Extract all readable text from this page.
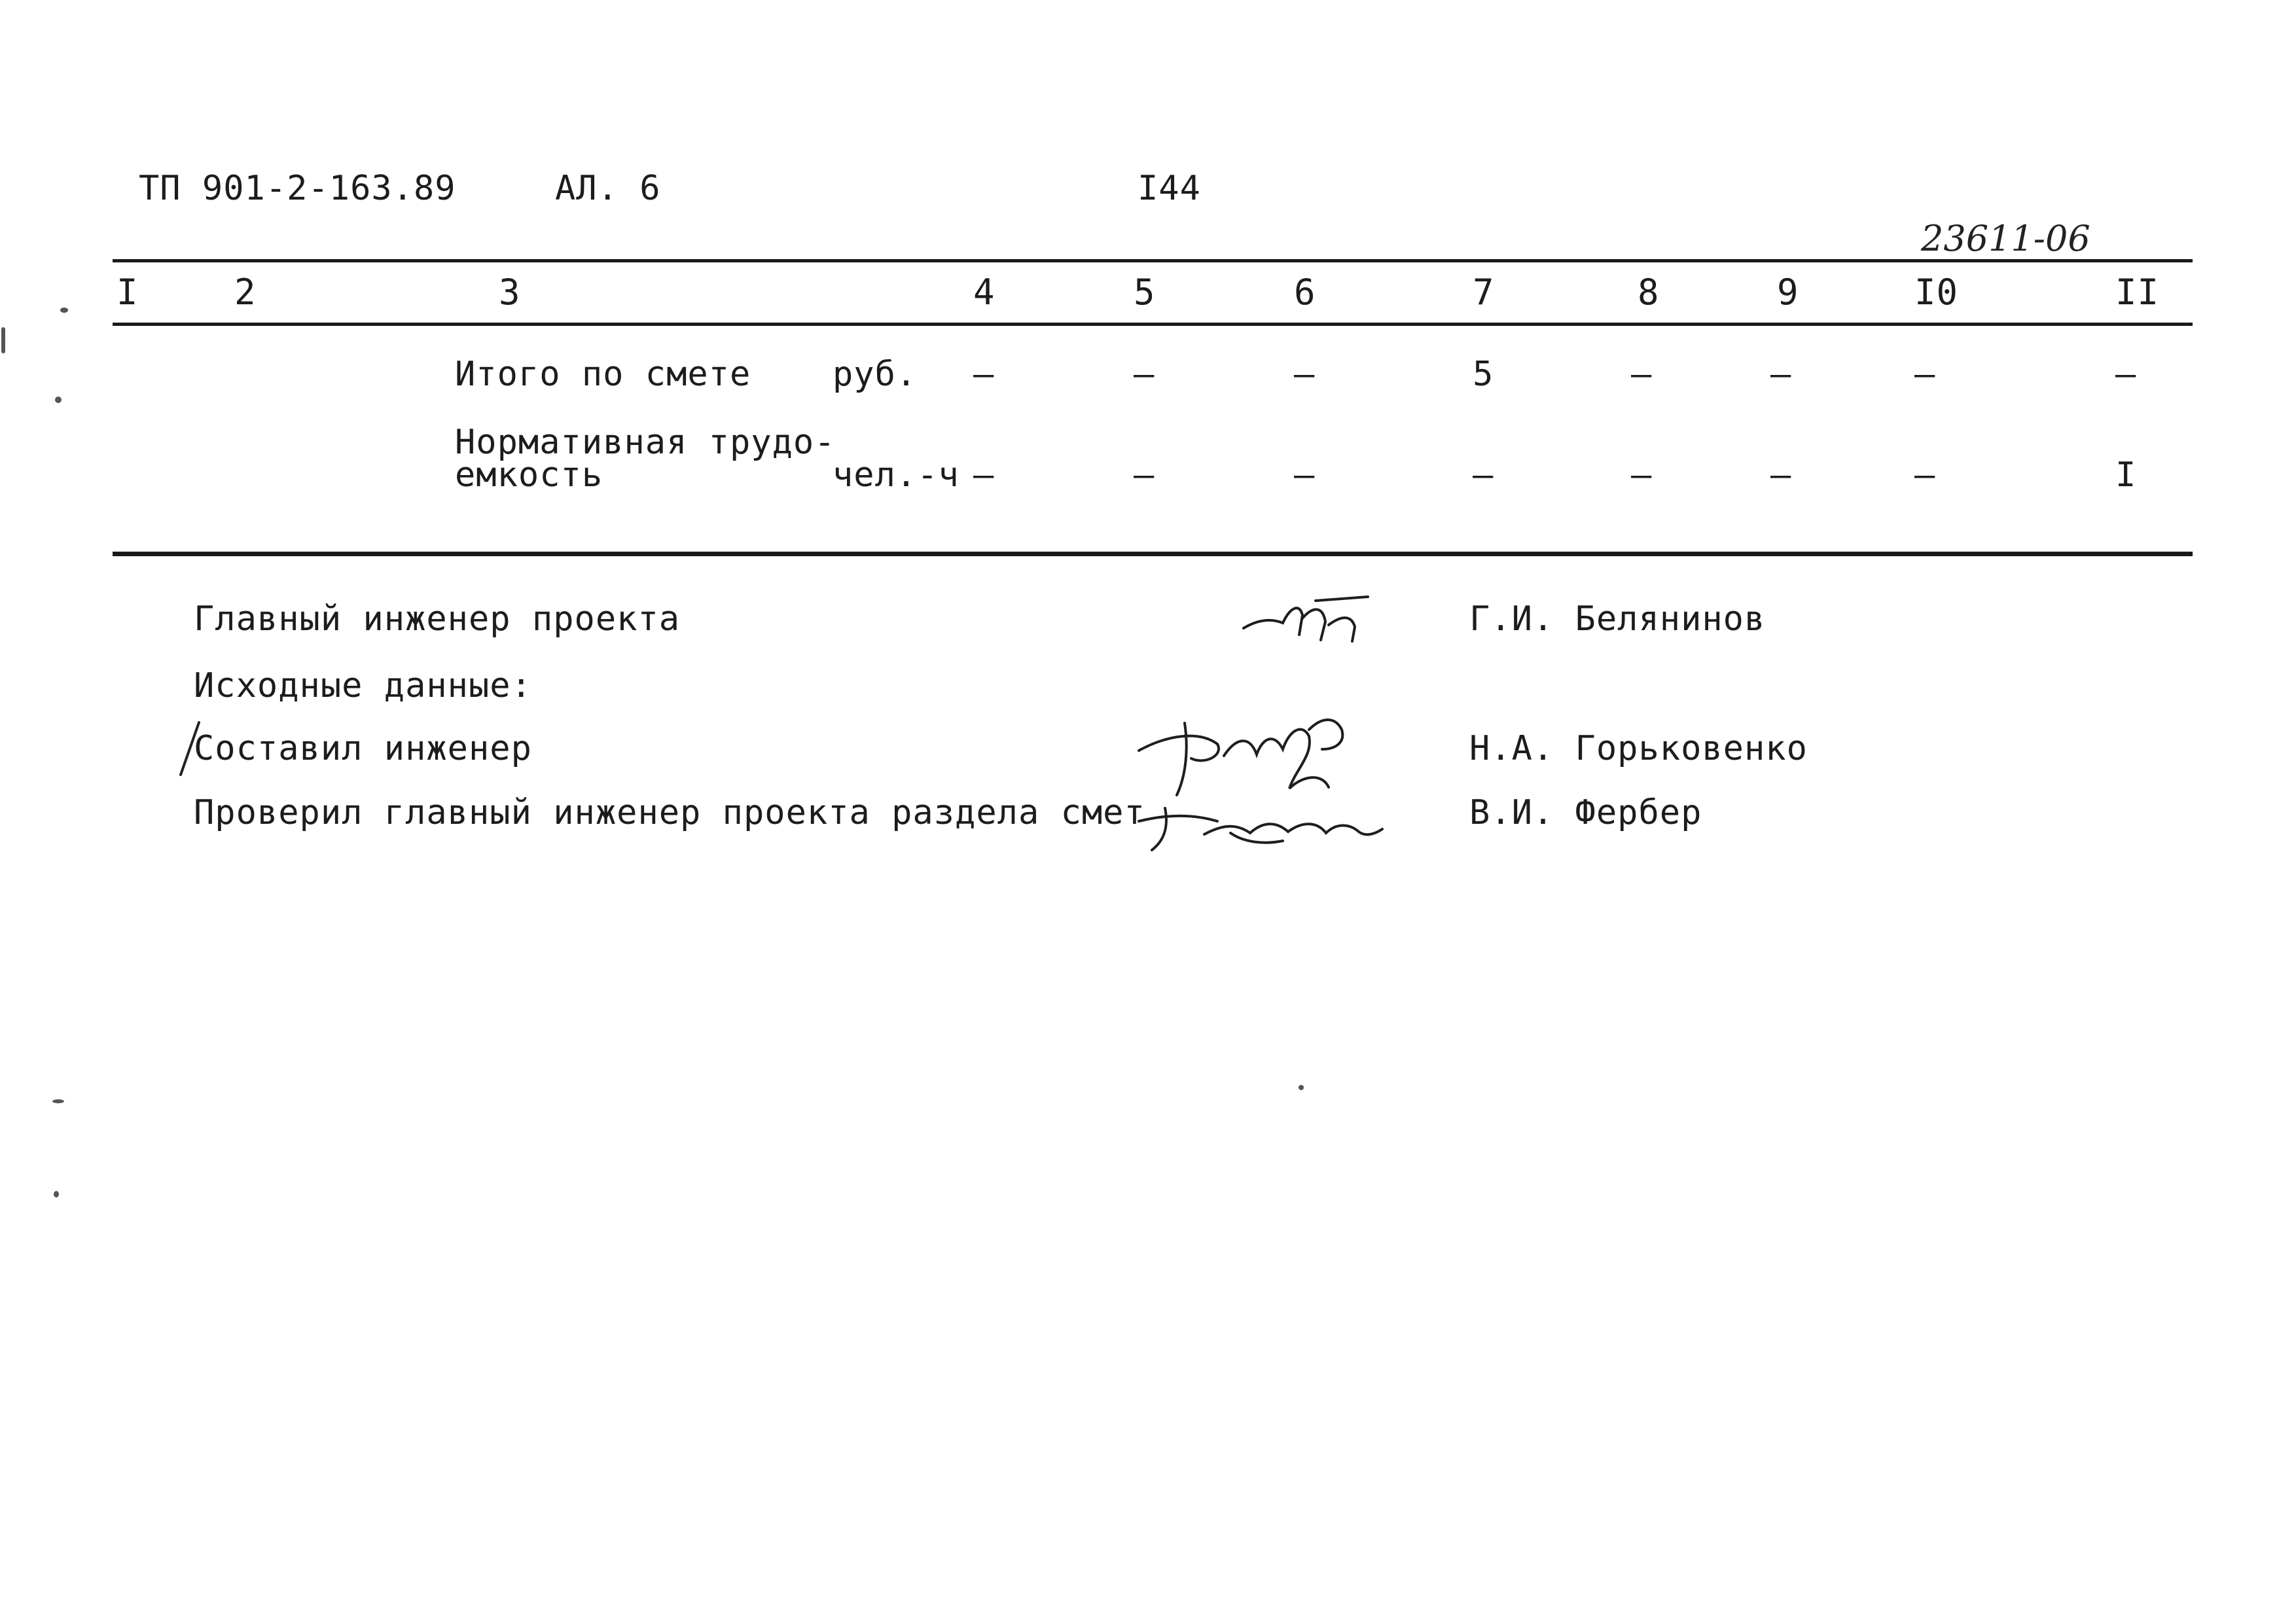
ТП 901-2-163.89	АЛ. 6	I44
23611-06
I	2	3	4	5	6	7	8	9	I0	II
Итого по смете руб. –	–	–	5	–	–	–	–
Нормативная трудо-
емкость	чел.-ч –	–	–	–	–	–	–	I
Главный инженер проекта	Г.И. Белянинов
Исходные данные:
Составил инженер	Н.А. Горьковенко
Проверил главный инженер проекта раздела смет	В.И. Фербер
